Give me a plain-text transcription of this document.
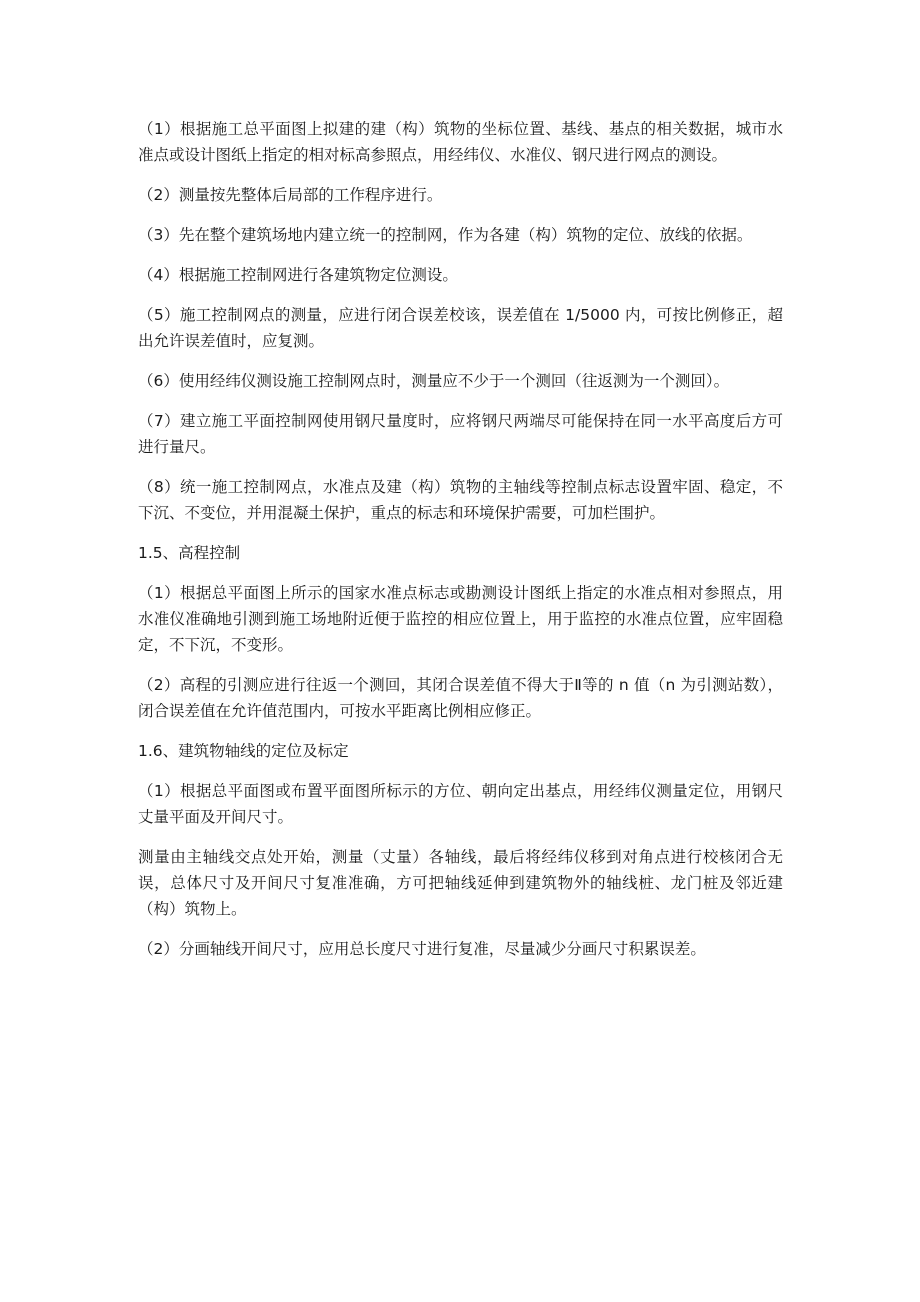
（1）根据施工总平面图上拟建的建（构）筑物的坐标位置、基线、基点的相关数据，城市水准点或设计图纸上指定的相对标高参照点，用经纬仪、水准仪、钢尺进行网点的测设。

（2）测量按先整体后局部的工作程序进行。

（3）先在整个建筑场地内建立统一的控制网，作为各建（构）筑物的定位、放线的依据。

（4）根据施工控制网进行各建筑物定位测设。

（5）施工控制网点的测量，应进行闭合误差校该，误差值在 1/5000 内，可按比例修正，超出允许误差值时，应复测。

（6）使用经纬仪测设施工控制网点时，测量应不少于一个测回（往返测为一个测回）。

（7）建立施工平面控制网使用钢尺量度时，应将钢尺两端尽可能保持在同一水平高度后方可进行量尺。

（8）统一施工控制网点，水准点及建（构）筑物的主轴线等控制点标志设置牢固、稳定，不下沉、不变位，并用混凝土保护，重点的标志和环境保护需要，可加栏围护。

1.5、高程控制

（1）根据总平面图上所示的国家水准点标志或勘测设计图纸上指定的水准点相对参照点，用水准仪准确地引测到施工场地附近便于监控的相应位置上，用于监控的水准点位置，应牢固稳定，不下沉，不变形。

（2）高程的引测应进行往返一个测回，其闭合误差值不得大于Ⅱ等的 n 值（n 为引测站数），闭合误差值在允许值范围内，可按水平距离比例相应修正。

1.6、建筑物轴线的定位及标定

（1）根据总平面图或布置平面图所标示的方位、朝向定出基点，用经纬仪测量定位，用钢尺丈量平面及开间尺寸。

测量由主轴线交点处开始，测量（丈量）各轴线，最后将经纬仪移到对角点进行校核闭合无误，总体尺寸及开间尺寸复准准确，方可把轴线延伸到建筑物外的轴线桩、龙门桩及邻近建（构）筑物上。

（2）分画轴线开间尺寸，应用总长度尺寸进行复准，尽量减少分画尺寸积累误差。
